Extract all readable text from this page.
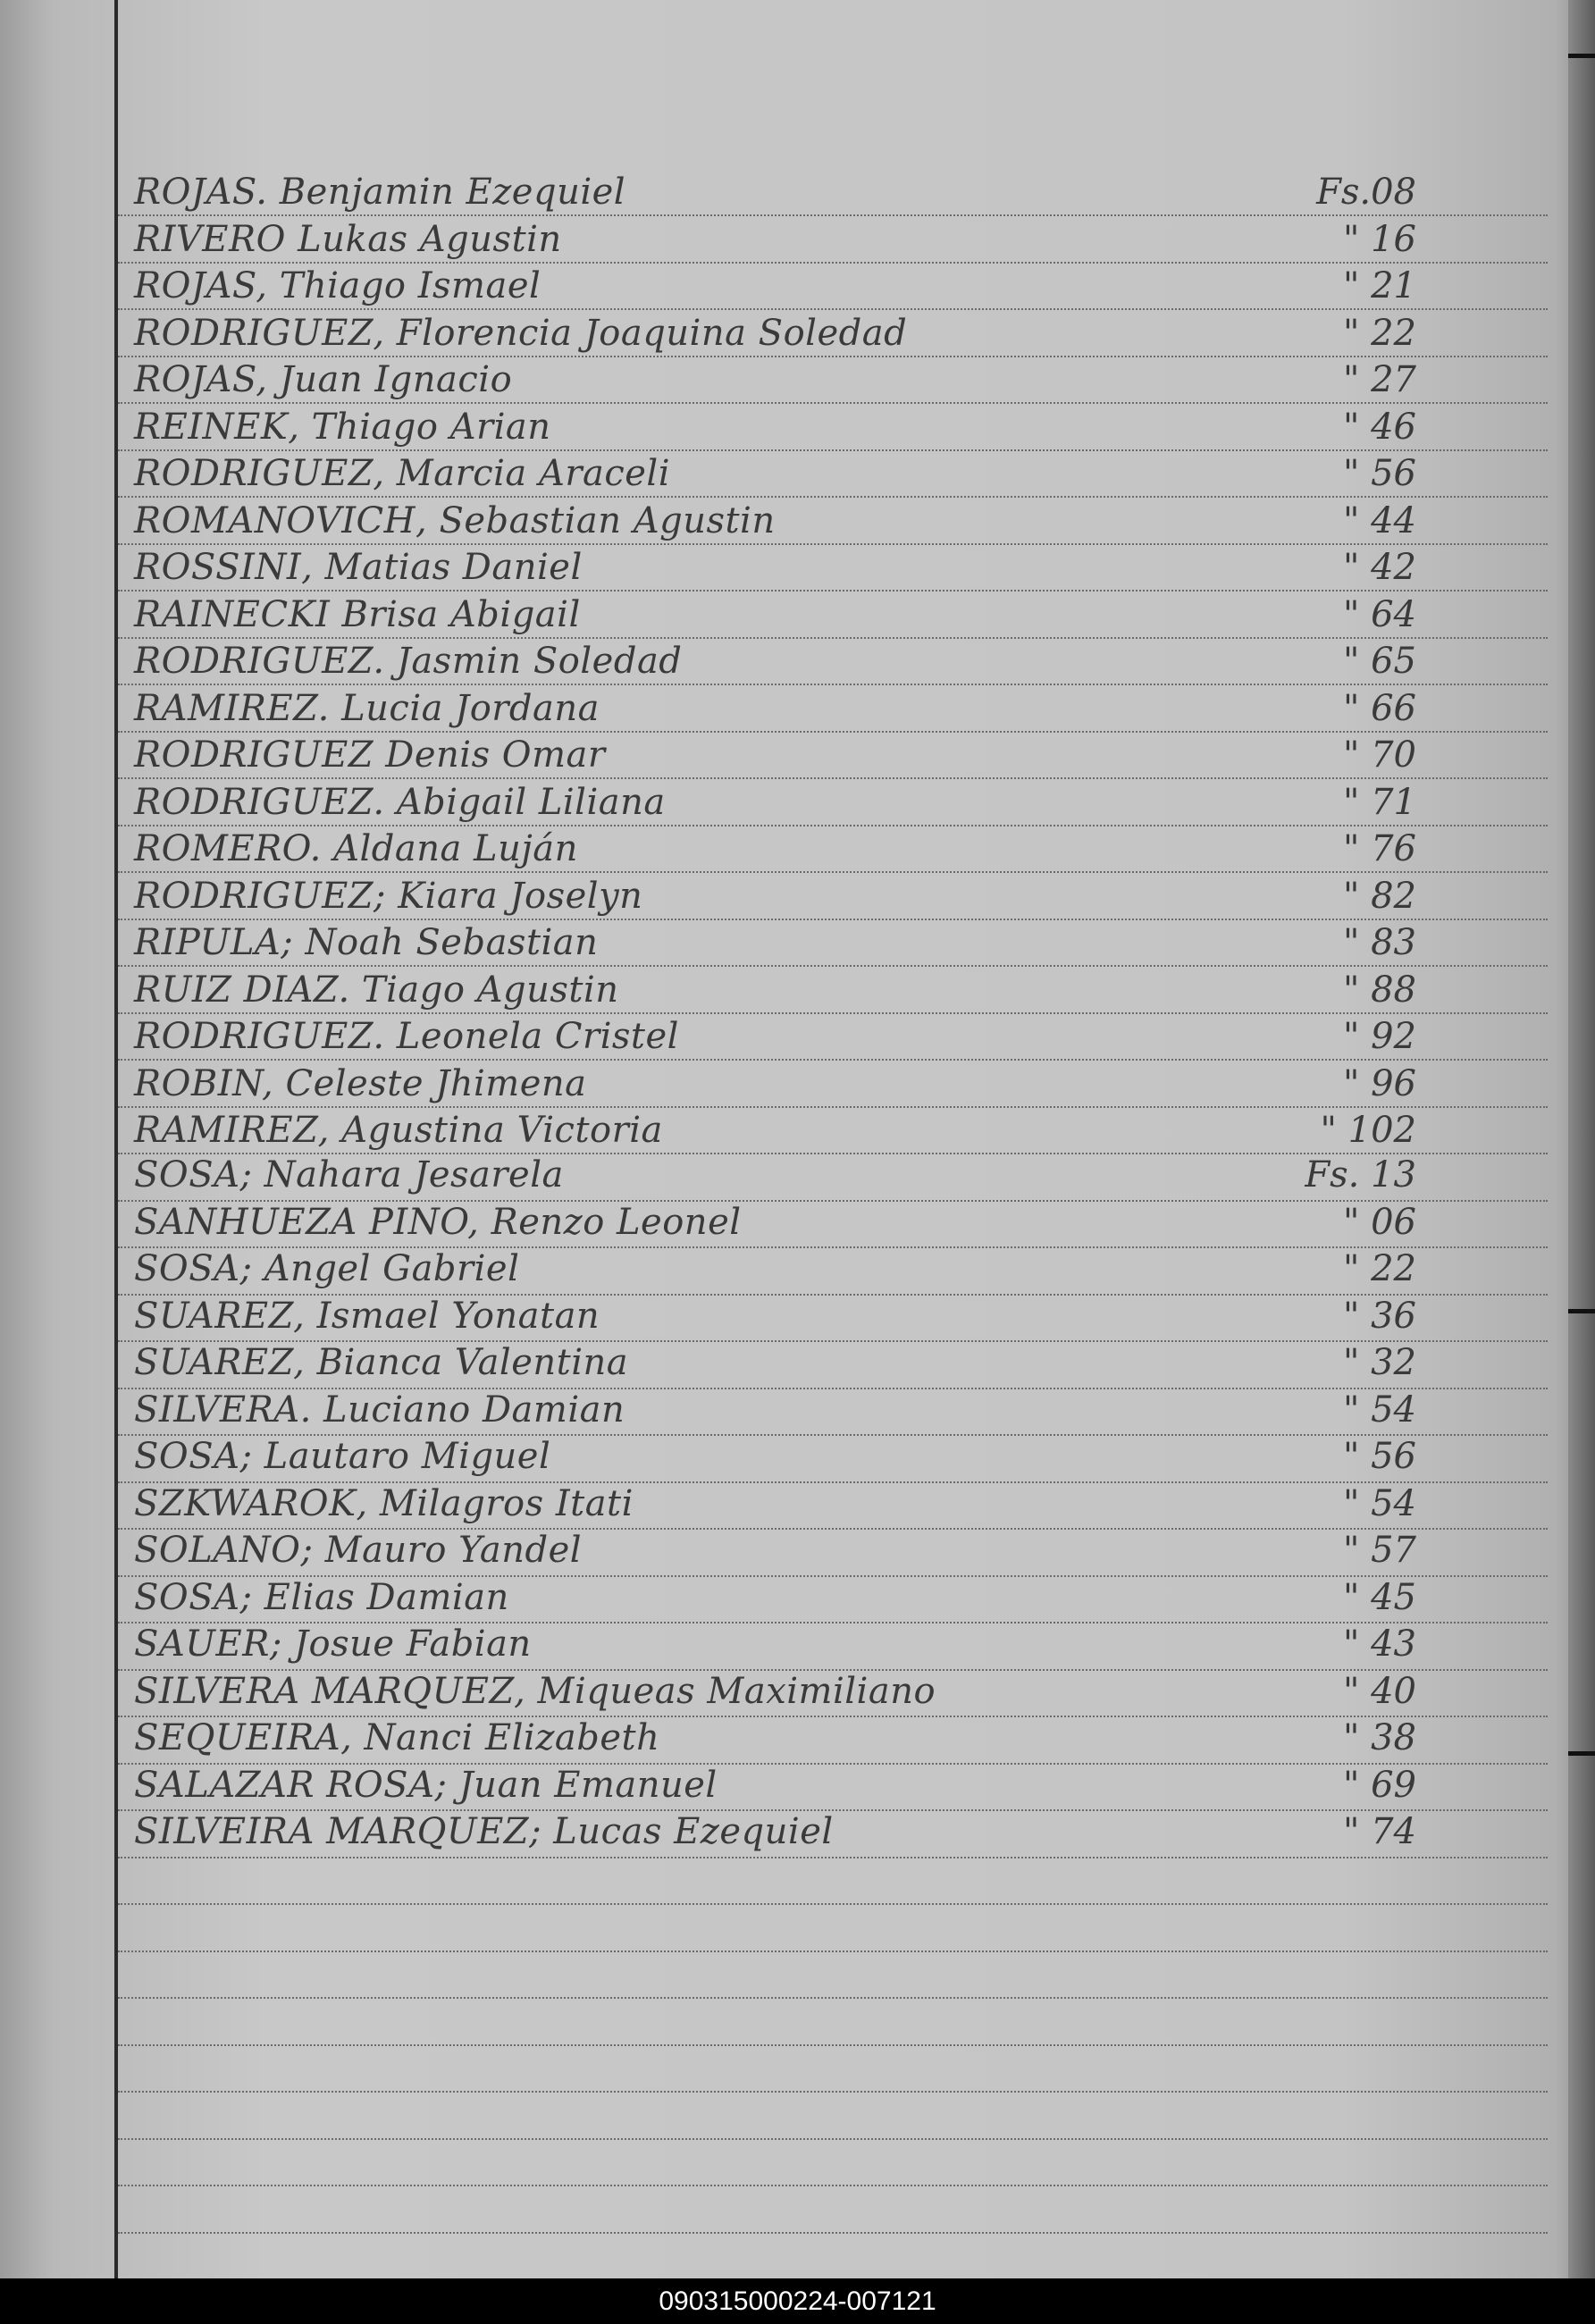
ROJAS. Benjamin Ezequiel	Fs.08
RIVERO Lukas Agustin	" 16
ROJAS, Thiago Ismael	" 21
RODRIGUEZ, Florencia Joaquina Soledad	" 22
ROJAS, Juan Ignacio	" 27
REINEK, Thiago Arian	" 46
RODRIGUEZ, Marcia Araceli	" 56
ROMANOVICH, Sebastian Agustin	" 44
ROSSINI, Matias Daniel	" 42
RAINECKI Brisa Abigail	" 64
RODRIGUEZ. Jasmin Soledad	" 65
RAMIREZ. Lucia Jordana	" 66
RODRIGUEZ Denis Omar	" 70
RODRIGUEZ. Abigail Liliana	" 71
ROMERO. Aldana Luján	" 76
RODRIGUEZ; Kiara Joselyn	" 82
RIPULA; Noah Sebastian	" 83
RUIZ DIAZ. Tiago Agustin	" 88
RODRIGUEZ. Leonela Cristel	" 92
ROBIN, Celeste Jhimena	" 96
RAMIREZ, Agustina Victoria	" 102
SOSA; Nahara Jesarela	Fs. 13
SANHUEZA PINO, Renzo Leonel	" 06
SOSA; Angel Gabriel	" 22
SUAREZ, Ismael Yonatan	" 36
SUAREZ, Bianca Valentina	" 32
SILVERA. Luciano Damian	" 54
SOSA; Lautaro Miguel	" 56
SZKWAROK, Milagros Itati	" 54
SOLANO; Mauro Yandel	" 57
SOSA; Elias Damian	" 45
SAUER; Josue Fabian	" 43
SILVERA MARQUEZ, Miqueas Maximiliano	" 40
SEQUEIRA, Nanci Elizabeth	" 38
SALAZAR ROSA; Juan Emanuel	" 69
SILVEIRA MARQUEZ; Lucas Ezequiel	" 74
090315000224-007121
